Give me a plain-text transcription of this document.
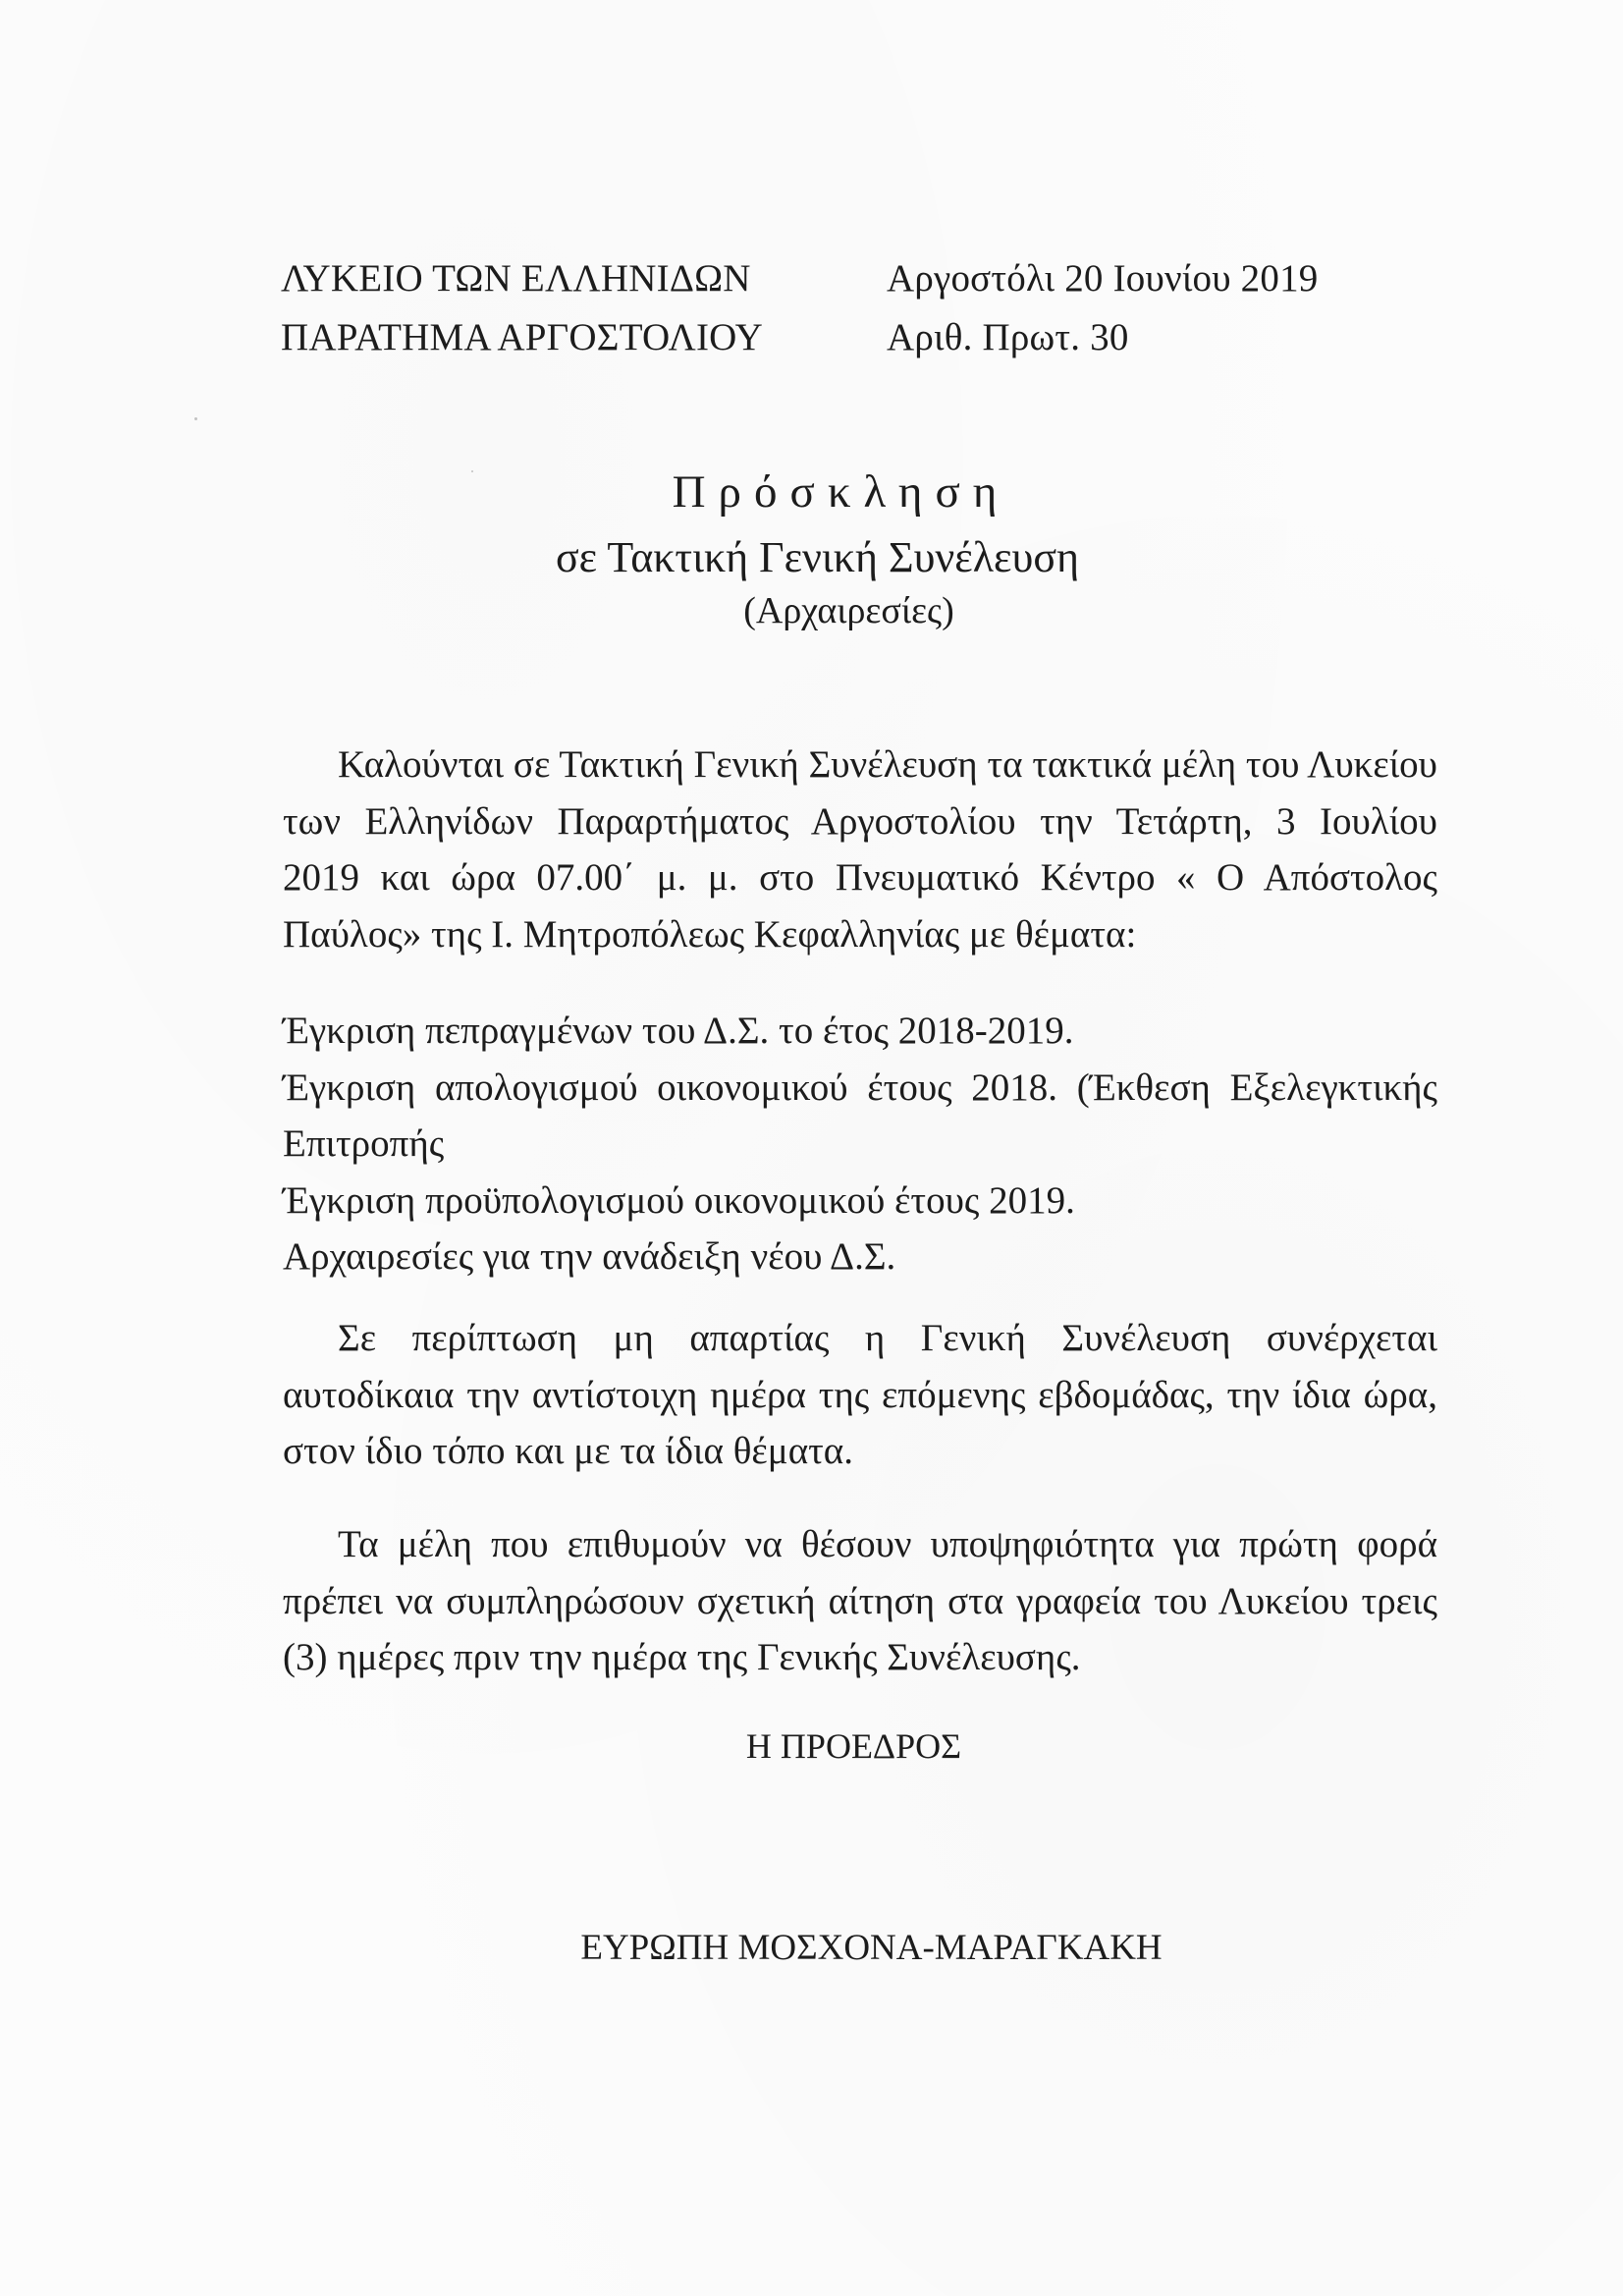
ΛΥΚΕΙΟ ΤΩΝ ΕΛΛΗΝΙΔΩΝ
ΠΑΡΑΤΗΜΑ ΑΡΓΟΣΤΟΛΙΟΥ
Αργοστόλι 20 Ιουνίου 2019
Αριθ. Πρωτ. 30
Πρόσκληση
σε Τακτική Γενική Συνέλευση
(Αρχαιρεσίες)
Καλούνται σε Τακτική Γενική Συνέλευση τα τακτικά μέλη του Λυκείου
των Ελληνίδων Παραρτήματος Αργοστολίου την Τετάρτη, 3 Ιουλίου
2019 και ώρα 07.00΄ μ. μ. στο Πνευματικό Κέντρο « Ο Απόστολος
Παύλος» της Ι. Μητροπόλεως Κεφαλληνίας με θέματα:
Έγκριση πεπραγμένων του Δ.Σ. το έτος 2018-2019.
Έγκριση απολογισμού οικονομικού έτους 2018. (Έκθεση Εξελεγκτικής
Επιτροπής
Έγκριση προϋπολογισμού οικονομικού έτους 2019.
Αρχαιρεσίες για την ανάδειξη νέου Δ.Σ.
Σε περίπτωση μη απαρτίας η Γενική Συνέλευση συνέρχεται
αυτοδίκαια την αντίστοιχη ημέρα της επόμενης εβδομάδας, την ίδια ώρα,
στον ίδιο τόπο και με τα ίδια θέματα.
Τα μέλη που επιθυμούν να θέσουν υποψηφιότητα για πρώτη φορά
πρέπει να συμπληρώσουν σχετική αίτηση στα γραφεία του Λυκείου τρεις
(3) ημέρες πριν την ημέρα της Γενικής Συνέλευσης.
Η ΠΡΟΕΔΡΟΣ
ΕΥΡΩΠΗ ΜΟΣΧΟΝΑ-ΜΑΡΑΓΚΑΚΗ
